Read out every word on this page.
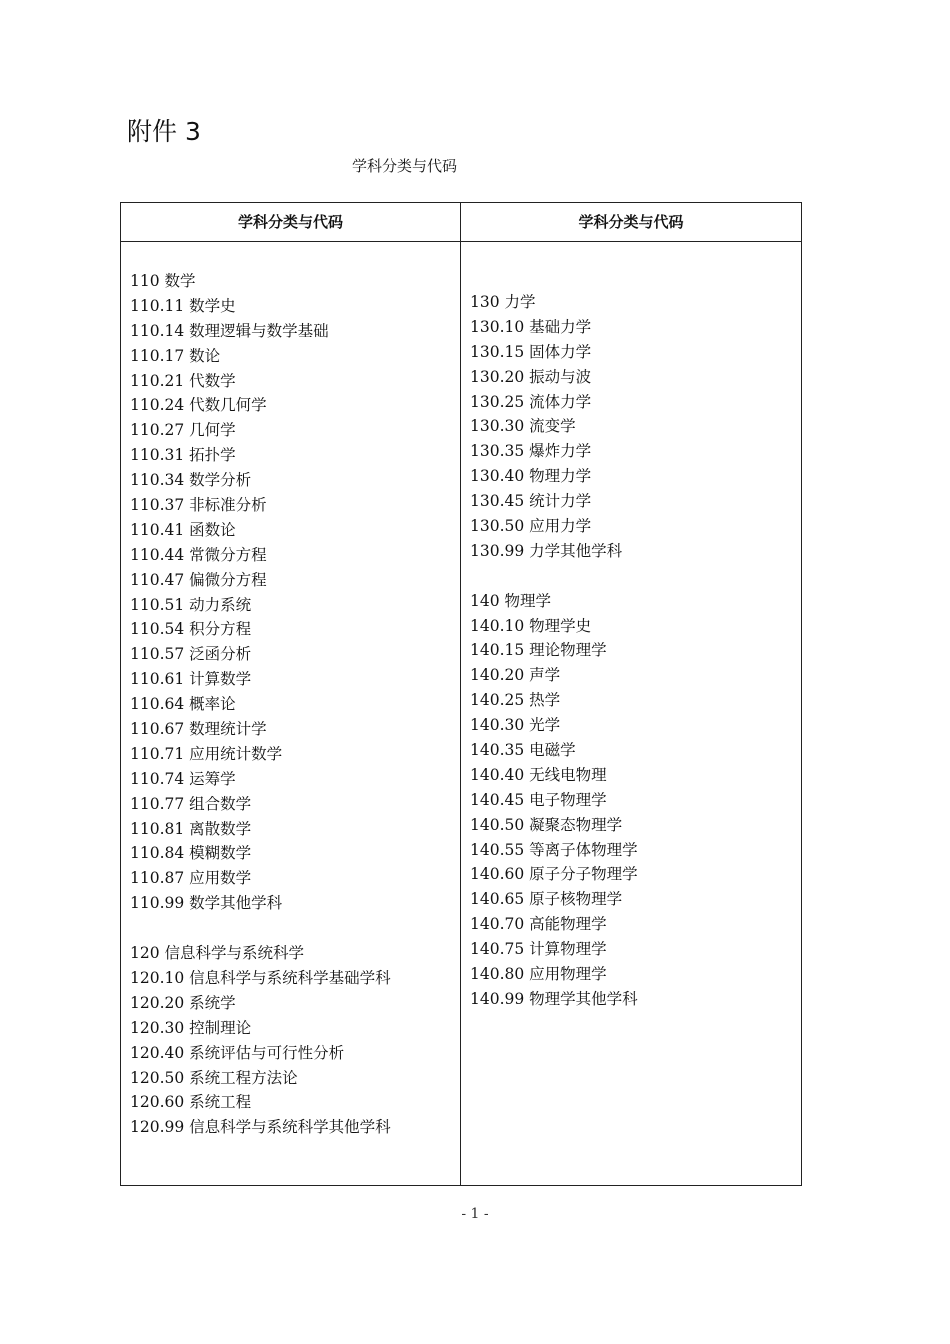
附件 3
学科分类与代码
学科分类与代码	学科分类与代码
110 数学
110.11 数学史
110.14 数理逻辑与数学基础
110.17 数论
110.21 代数学
110.24 代数几何学
110.27 几何学
110.31 拓扑学
110.34 数学分析
110.37 非标准分析
110.41 函数论
110.44 常微分方程
110.47 偏微分方程
110.51 动力系统
110.54 积分方程
110.57 泛函分析
110.61 计算数学
110.64 概率论
110.67 数理统计学
110.71 应用统计数学
110.74 运筹学
110.77 组合数学
110.81 离散数学
110.84 模糊数学
110.87 应用数学
110.99 数学其他学科
120 信息科学与系统科学
120.10 信息科学与系统科学基础学科
120.20 系统学
120.30 控制理论
120.40 系统评估与可行性分析
120.50 系统工程方法论
120.60 系统工程
120.99 信息科学与系统科学其他学科
130 力学
130.10 基础力学
130.15 固体力学
130.20 振动与波
130.25 流体力学
130.30 流变学
130.35 爆炸力学
130.40 物理力学
130.45 统计力学
130.50 应用力学
130.99 力学其他学科
140 物理学
140.10 物理学史
140.15 理论物理学
140.20 声学
140.25 热学
140.30 光学
140.35 电磁学
140.40 无线电物理
140.45 电子物理学
140.50 凝聚态物理学
140.55 等离子体物理学
140.60 原子分子物理学
140.65 原子核物理学
140.70 高能物理学
140.75 计算物理学
140.80 应用物理学
140.99 物理学其他学科
- 1 -
